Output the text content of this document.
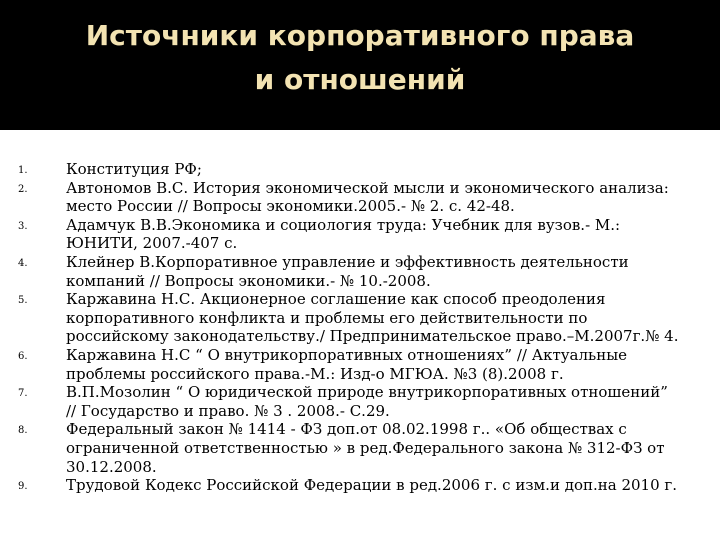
Источники корпоративного права
и отношений
1.	Конституция РФ;
2.	Автономов В.С. История экономической мысли и экономического анализа:
место России // Вопросы экономики.2005.- № 2. с. 42-48.
3.	Адамчук В.В.Экономика и социология труда: Учебник для вузов.- М.:
ЮНИТИ, 2007.-407 с.
4.	Клейнер В.Корпоративное управление и эффективность деятельности
компаний // Вопросы экономики.- № 10.-2008.
5.	Каржавина Н.С. Акционерное соглашение как способ преодоления
корпоративного конфликта и проблемы его действительности по
российскому законодательству./ Предпринимательское право.–М.2007г.№ 4.
6.	Каржавина Н.С “ О внутрикорпоративных отношениях” // Актуальные
проблемы российского права.-М.: Изд-о МГЮА. №3 (8).2008 г.
7.	В.П.Мозолин “ О юридической природе внутрикорпоративных отношений”
// Государство и право. № 3 . 2008.- С.29.
8.	Федеральный закон № 1414 - ФЗ доп.от 08.02.1998 г.. «Об обществах с
ограниченной ответственностью » в ред.Федерального закона № 312-ФЗ от
30.12.2008.
9.	Трудовой Кодекс Российской Федерации в ред.2006 г. с изм.и доп.на 2010 г.
